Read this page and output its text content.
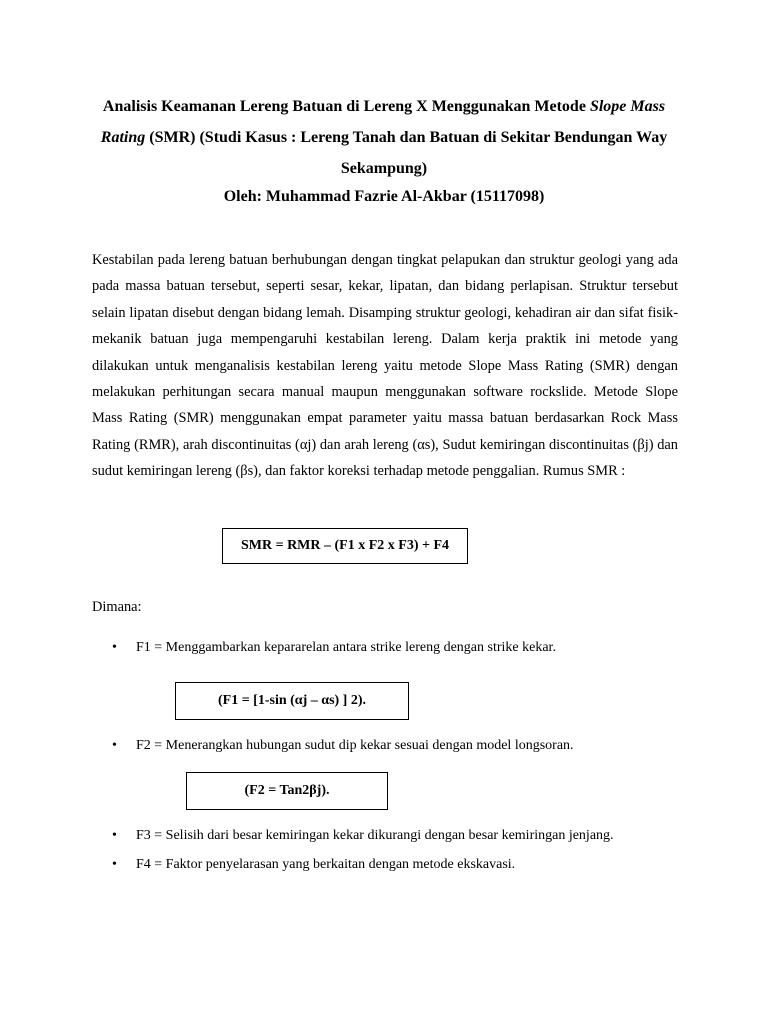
Analisis Keamanan Lereng Batuan di Lereng X Menggunakan Metode Slope Mass Rating (SMR) (Studi Kasus : Lereng Tanah dan Batuan di Sekitar Bendungan Way Sekampung)
Oleh: Muhammad Fazrie Al-Akbar (15117098)

Kestabilan pada lereng batuan berhubungan dengan tingkat pelapukan dan struktur geologi yang ada pada massa batuan tersebut, seperti sesar, kekar, lipatan, dan bidang perlapisan. Struktur tersebut selain lipatan disebut dengan bidang lemah. Disamping struktur geologi, kehadiran air dan sifat fisik-mekanik batuan juga mempengaruhi kestabilan lereng. Dalam kerja praktik ini metode yang dilakukan untuk menganalisis kestabilan lereng yaitu metode Slope Mass Rating (SMR) dengan melakukan perhitungan secara manual maupun menggunakan software rockslide. Metode Slope Mass Rating (SMR) menggunakan empat parameter yaitu massa batuan berdasarkan Rock Mass Rating (RMR), arah discontinuitas (αj) dan arah lereng (αs), Sudut kemiringan discontinuitas (βj) dan sudut kemiringan lereng (βs), dan faktor koreksi terhadap metode penggalian. Rumus SMR :

SMR = RMR – (F1 x F2 x F3) + F4
Dimana:
•	F1 = Menggambarkan kepararelan antara strike lereng dengan strike kekar.
(F1 = [1-sin (αj – αs) ] 2).
•	F2 = Menerangkan hubungan sudut dip kekar sesuai dengan model longsoran.
(F2 = Tan2βj).
•	F3 = Selisih dari besar kemiringan kekar dikurangi dengan besar kemiringan jenjang.
•	F4 = Faktor penyelarasan yang berkaitan dengan metode ekskavasi.
